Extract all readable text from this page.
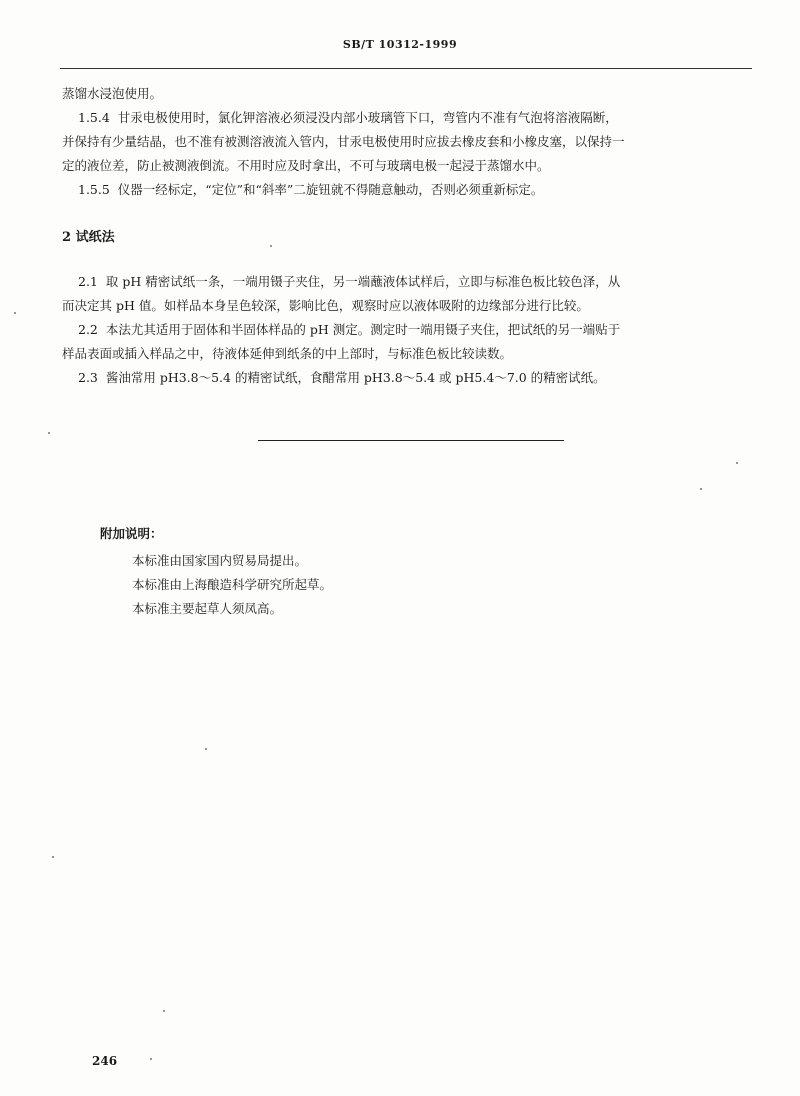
SB/T 10312-1999
蒸馏水浸泡使用。
1.5.4 甘汞电极使用时，氯化钾溶液必须浸没内部小玻璃管下口，弯管内不准有气泡将溶液隔断，
并保持有少量结晶，也不准有被测溶液流入管内，甘汞电极使用时应拔去橡皮套和小橡皮塞，以保持一
定的液位差，防止被测液倒流。不用时应及时拿出，不可与玻璃电极一起浸于蒸馏水中。
1.5.5 仪器一经标定，“定位”和“斜率”二旋钮就不得随意触动，否则必须重新标定。
2 试纸法
2.1 取 pH 精密试纸一条，一端用镊子夹住，另一端蘸液体试样后，立即与标准色板比较色泽，从
而决定其 pH 值。如样品本身呈色较深，影响比色，观察时应以液体吸附的边缘部分进行比较。
2.2 本法尤其适用于固体和半固体样品的 pH 测定。测定时一端用镊子夹住，把试纸的另一端贴于
样品表面或插入样品之中，待液体延伸到纸条的中上部时，与标准色板比较读数。
2.3 酱油常用 pH3.8～5.4 的精密试纸，食醋常用 pH3.8～5.4 或 pH5.4～7.0 的精密试纸。
附加说明：
本标准由国家国内贸易局提出。
本标准由上海酿造科学研究所起草。
本标准主要起草人须凤高。
246
